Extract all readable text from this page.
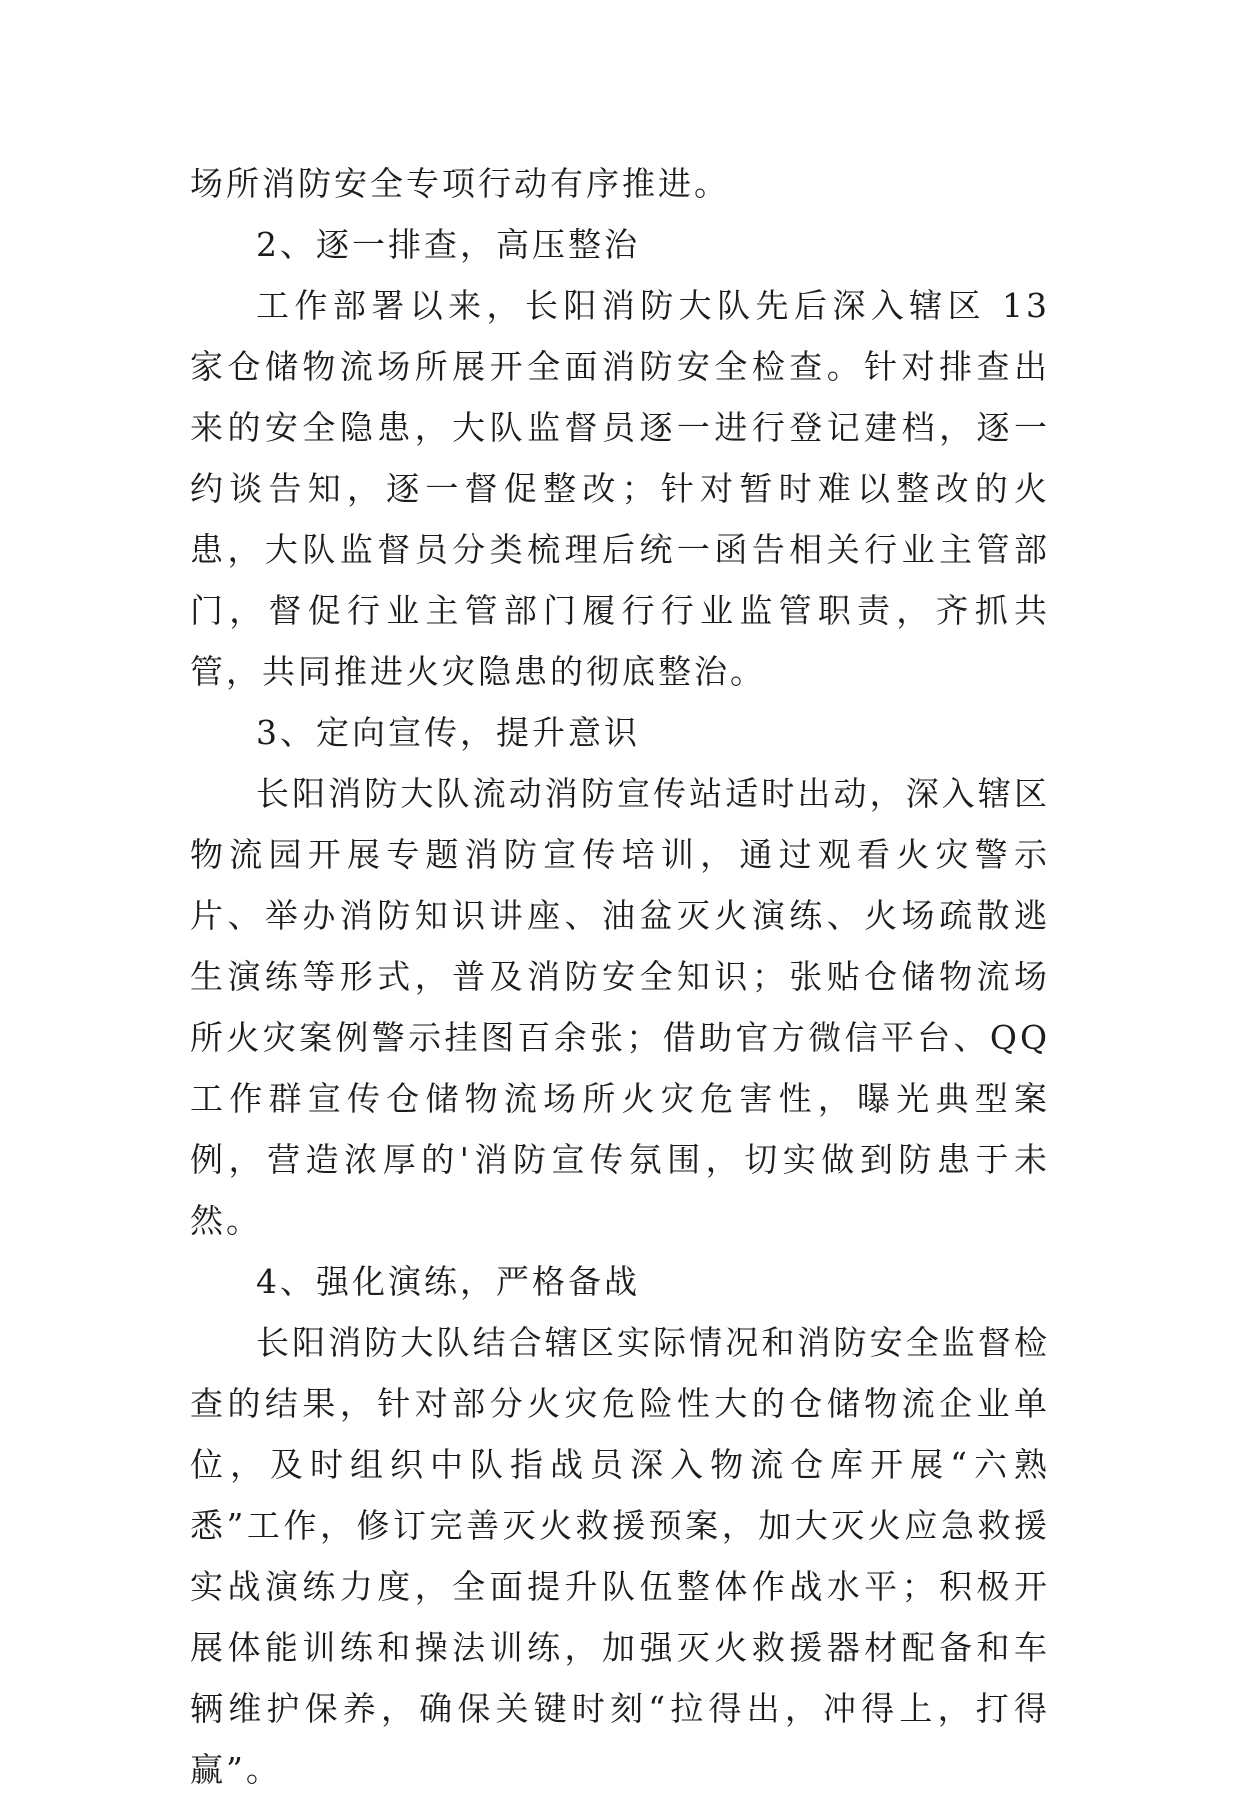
场所消防安全专项行动有序推进。

2、逐一排查，高压整治

工作部署以来，长阳消防大队先后深入辖区 13 家仓储物流场所展开全面消防安全检查。针对排查出来的安全隐患，大队监督员逐一进行登记建档，逐一约谈告知，逐一督促整改；针对暂时难以整改的火患，大队监督员分类梳理后统一函告相关行业主管部门，督促行业主管部门履行行业监管职责，齐抓共管，共同推进火灾隐患的彻底整治。

3、定向宣传，提升意识

长阳消防大队流动消防宣传站适时出动，深入辖区物流园开展专题消防宣传培训，通过观看火灾警示片、举办消防知识讲座、油盆灭火演练、火场疏散逃生演练等形式，普及消防安全知识；张贴仓储物流场所火灾案例警示挂图百余张；借助官方微信平台、QQ工作群宣传仓储物流场所火灾危害性，曝光典型案例，营造浓厚的'消防宣传氛围，切实做到防患于未然。

4、强化演练，严格备战

长阳消防大队结合辖区实际情况和消防安全监督检查的结果，针对部分火灾危险性大的仓储物流企业单位，及时组织中队指战员深入物流仓库开展“六熟悉”工作，修订完善灭火救援预案，加大灭火应急救援实战演练力度，全面提升队伍整体作战水平；积极开展体能训练和操法训练，加强灭火救援器材配备和车辆维护保养，确保关键时刻“拉得出，冲得上，打得赢”。
